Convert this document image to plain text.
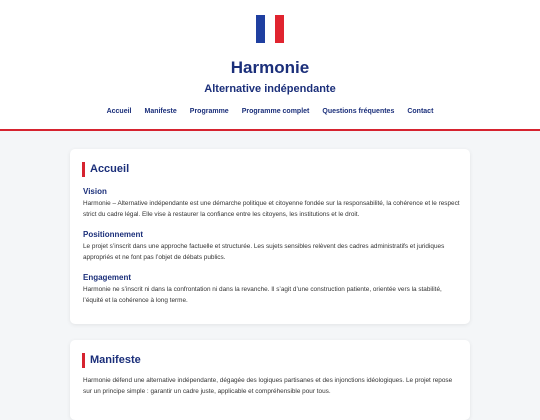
Harmonie
Alternative indépendante
Accueil Manifeste Programme Programme complet Questions fréquentes Contact
Accueil
Vision

Harmonie – Alternative indépendante est une démarche politique et citoyenne fondée sur la responsabilité, la cohérence et le respect strict du cadre légal. Elle vise à restaurer la confiance entre les citoyens, les institutions et le droit.

Positionnement

Le projet s’inscrit dans une approche factuelle et structurée. Les sujets sensibles relèvent des cadres administratifs et juridiques appropriés et ne font pas l’objet de débats publics.

Engagement

Harmonie ne s’inscrit ni dans la confrontation ni dans la revanche. Il s’agit d’une construction patiente, orientée vers la stabilité, l’équité et la cohérence à long terme.

Manifeste

Harmonie défend une alternative indépendante, dégagée des logiques partisanes et des injonctions idéologiques. Le projet repose sur un principe simple : garantir un cadre juste, applicable et compréhensible pour tous.
